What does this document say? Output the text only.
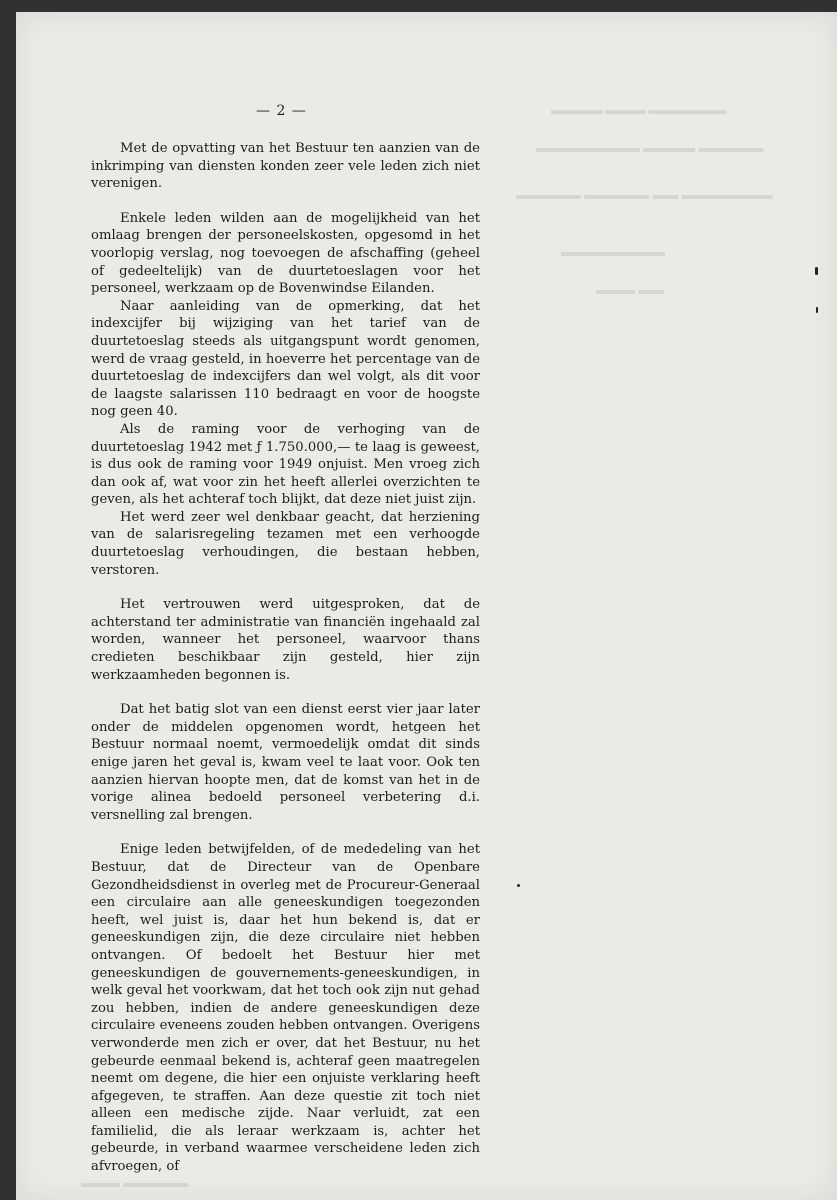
▬▬▬▬ ▬▬▬ ▬▬▬▬▬▬
▬▬▬▬▬▬▬▬ ▬▬▬▬ ▬▬▬▬▬
▬▬▬▬▬ ▬▬▬▬▬ ▬▬ ▬▬▬▬▬▬▬
▬▬▬▬▬▬▬▬
▬▬▬ ▬▬
▬▬▬ ▬▬▬▬▬
— 2 —

Met de opvatting van het Bestuur ten aanzien van de inkrimping van diensten konden zeer vele leden zich niet verenigen.

Enkele leden wilden aan de mogelijkheid van het omlaag brengen der personeelskosten, opgesomd in het voorlopig verslag, nog toevoegen de afschaffing (geheel of gedeeltelijk) van de duurtetoeslagen voor het personeel, werkzaam op de Bovenwindse Eilanden.

Naar aanleiding van de opmerking, dat het indexcijfer bij wijziging van het tarief van de duurtetoeslag steeds als uitgangspunt wordt genomen, werd de vraag gesteld, in hoeverre het percentage van de duurtetoeslag de indexcijfers dan wel volgt, als dit voor de laagste salarissen 110 bedraagt en voor de hoogste nog geen 40.

Als de raming voor de verhoging van de duurtetoeslag 1942 met ƒ 1.750.000,— te laag is geweest, is dus ook de raming voor 1949 onjuist. Men vroeg zich dan ook af, wat voor zin het heeft allerlei overzichten te geven, als het achteraf toch blijkt, dat deze niet juist zijn.

Het werd zeer wel denkbaar geacht, dat herziening van de salarisregeling tezamen met een verhoogde duurtetoeslag verhoudingen, die bestaan hebben, verstoren.

Het vertrouwen werd uitgesproken, dat de achterstand ter administratie van financiën ingehaald zal worden, wanneer het personeel, waarvoor thans credieten beschikbaar zijn gesteld, hier zijn werkzaamheden begonnen is.

Dat het batig slot van een dienst eerst vier jaar later onder de middelen opgenomen wordt, hetgeen het Bestuur normaal noemt, vermoedelijk omdat dit sinds enige jaren het geval is, kwam veel te laat voor. Ook ten aanzien hiervan hoopte men, dat de komst van het in de vorige alinea bedoeld personeel verbetering d.i. versnelling zal brengen.

Enige leden betwijfelden, of de mededeling van het Bestuur, dat de Directeur van de Openbare Gezondheidsdienst in overleg met de Procureur-Generaal een circulaire aan alle geneeskundigen toegezonden heeft, wel juist is, daar het hun bekend is, dat er geneeskundigen zijn, die deze circulaire niet hebben ontvangen. Of bedoelt het Bestuur hier met geneeskundigen de gouvernements-geneeskundigen, in welk geval het voorkwam, dat het toch ook zijn nut gehad zou hebben, indien de andere geneeskundigen deze circulaire eveneens zouden hebben ontvangen. Overigens verwonderde men zich er over, dat het Bestuur, nu het gebeurde eenmaal bekend is, achteraf geen maatregelen neemt om degene, die hier een onjuiste verklaring heeft afgegeven, te straffen. Aan deze questie zit toch niet alleen een medische zijde. Naar verluidt, zat een familielid, die als leraar werkzaam is, achter het gebeurde, in verband waarmee verscheidene leden zich afvroegen, of
